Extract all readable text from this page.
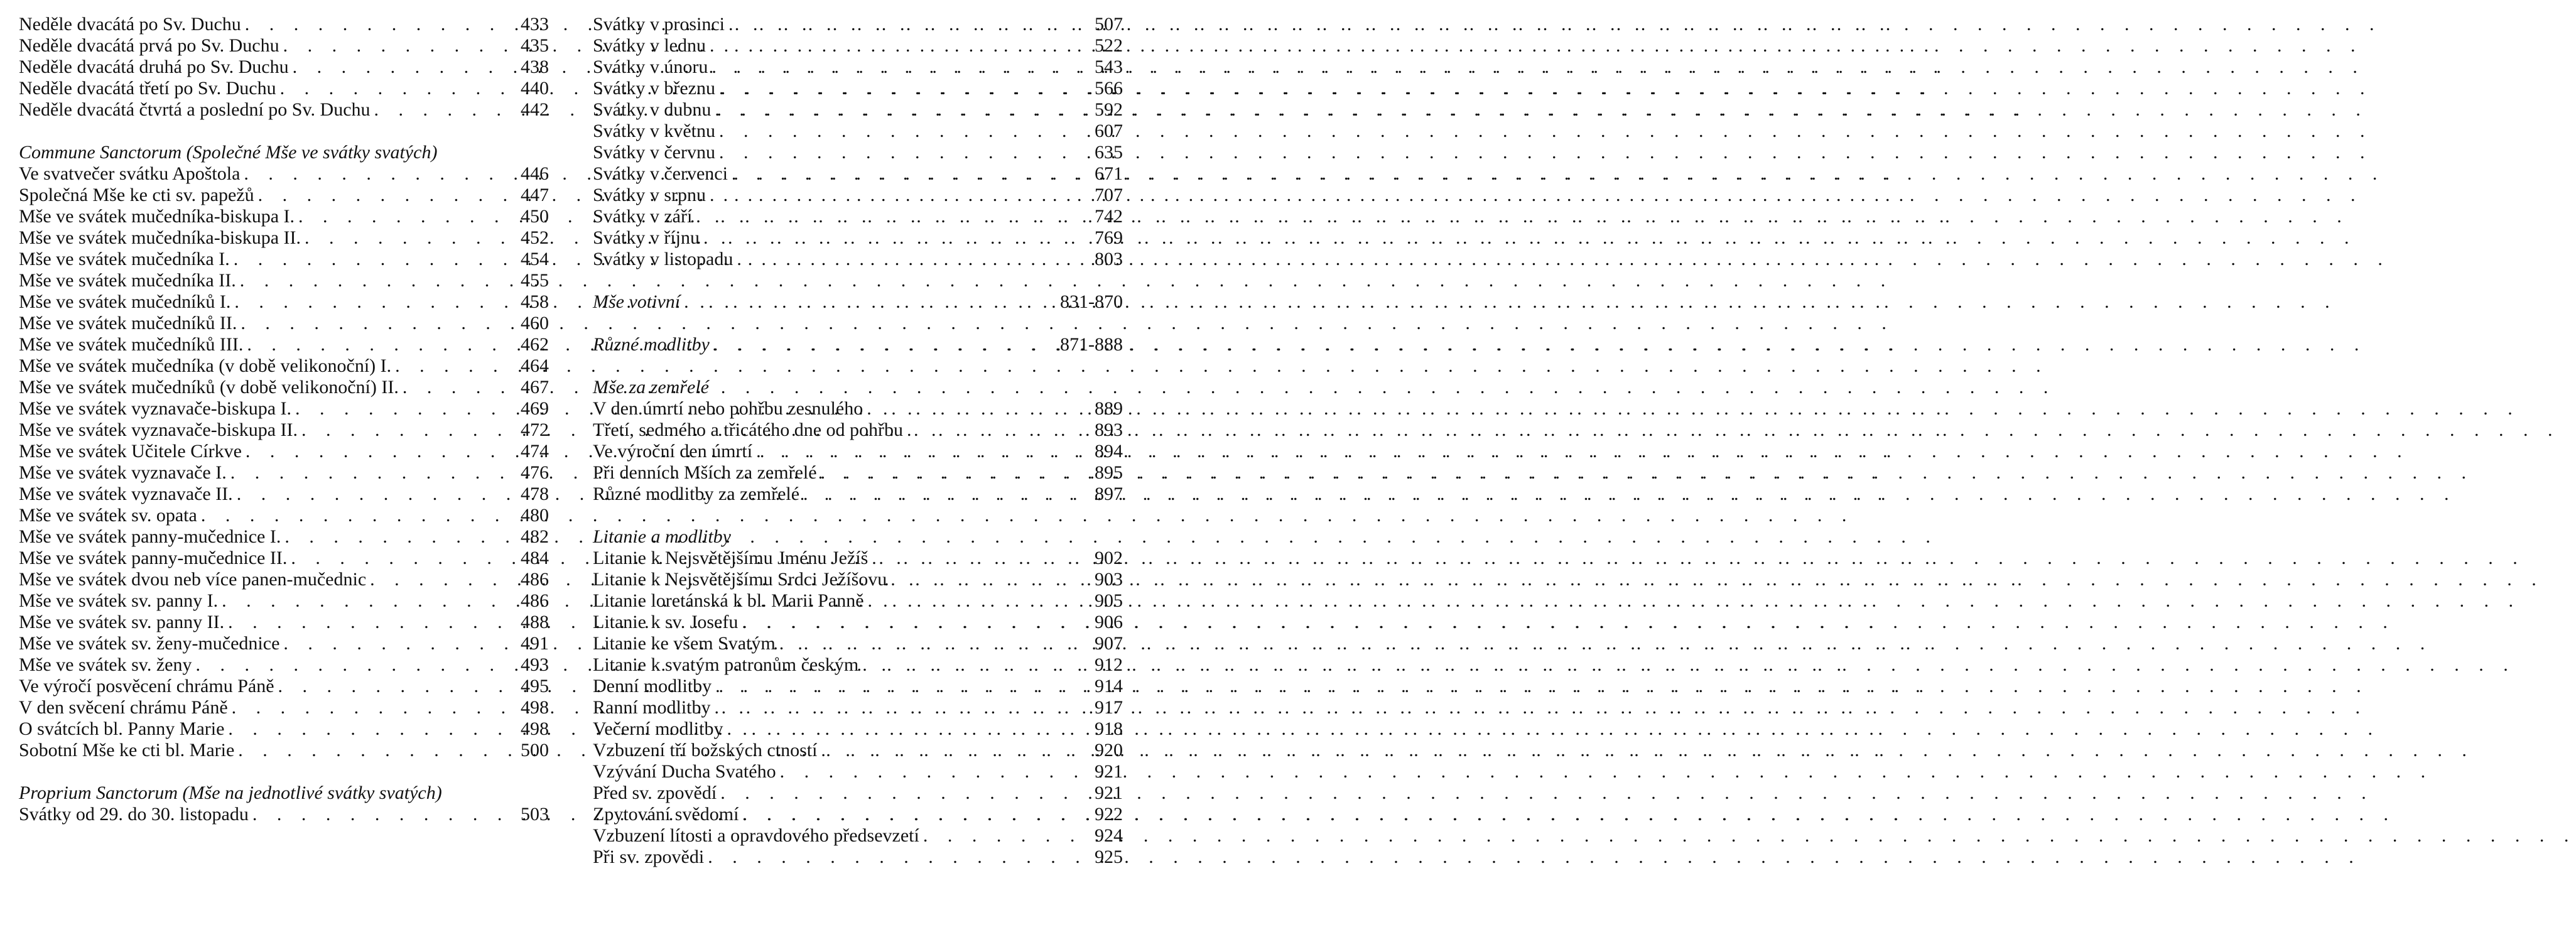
Neděle dvacátá po Sv. Duchu . . .	433
Neděle dvacátá prvá po Sv. Duchu . . .	435
Neděle dvacátá druhá po Sv. Duchu . . .	438
Neděle dvacátá třetí po Sv. Duchu . . .	440
Neděle dvacátá čtvrtá a poslední po Sv. Duchu . . .	442
Commune Sanctorum (Společné Mše ve svátky svatých)
Ve svatvečer svátku Apoštola . . .	446
Společná Mše ke cti sv. papežů . . .	447
Mše ve svátek mučedníka-biskupa I. . . .	450
Mše ve svátek mučedníka-biskupa II. . . .	452
Mše ve svátek mučedníka I. . . .	454
Mše ve svátek mučedníka II. . . .	455
Mše ve svátek mučedníků I. . . .	458
Mše ve svátek mučedníků II. . . .	460
Mše ve svátek mučedníků III. . . .	462
Mše ve svátek mučedníka (v době velikonoční) I. . . .	464
Mše ve svátek mučedníků (v době velikonoční) II. . . .	467
Mše ve svátek vyznavače-biskupa I. . . .	469
Mše ve svátek vyznavače-biskupa II. . . .	472
Mše ve svátek Učitele Církve . . .	474
Mše ve svátek vyznavače I. . . .	476
Mše ve svátek vyznavače II. . . .	478
Mše ve svátek sv. opata . . .	480
Mše ve svátek panny-mučednice I. . . .	482
Mše ve svátek panny-mučednice II. . . .	484
Mše ve svátek dvou neb více panen-mučednic . . .	486
Mše ve svátek sv. panny I. . . .	486
Mše ve svátek sv. panny II. . . .	488
Mše ve svátek sv. ženy-mučednice . . .	491
Mše ve svátek sv. ženy . . .	493
Ve výročí posvěcení chrámu Páně . . .	495
V den svěcení chrámu Páně . . .	498
O svátcích bl. Panny Marie . . .	498
Sobotní Mše ke cti bl. Marie . . .	500
Proprium Sanctorum (Mše na jednotlivé svátky svatých)
Svátky od 29. do 30. listopadu . . .	503
Svátky v prosinci . . .	507
Svátky v lednu . . .	522
Svátky v únoru . . .	543
Svátky v březnu . . .	566
Svátky v dubnu . . .	592
Svátky v květnu . . .	607
Svátky v červnu . . .	635
Svátky v červenci . . .	671
Svátky v srpnu . . .	707
Svátky v září . . .	742
Svátky v říjnu . . .	769
Svátky v listopadu . . .	803
Mše votivní . . .	831-870
Různé modlitby . . .	871-888
Mše za zemřelé
V den úmrtí nebo pohřbu zesnulého . . .	889
Třetí, sedmého a třicátého dne od pohřbu . . .	893
Ve výroční den úmrtí . . .	894
Při denních Mších za zemřelé . . .	895
Různé modlitby za zemřelé . . .	897
Litanie a modlitby
Litanie k Nejsvětějšímu Jménu Ježíš . . .	902
Litanie k Nejsvětějšímu Srdci Ježíšovu . . .	903
Litanie loretánská k bl. Marii Panně . . .	905
Litanie k sv. Josefu . . .	906
Litanie ke všem Svatým . . .	907
Litanie k svatým patronům českým . . .	912
Denní modlitby . . .	914
Ranní modlitby . . .	917
Večerní modlitby . . .	918
Vzbuzení tří božských ctností . . .	920
Vzývání Ducha Svatého . . .	921
Před sv. zpovědí . . .	921
Zpytování svědomí . . .	922
Vzbuzení lítosti a opravdového předsevzetí . . .	924
Při sv. zpovědi . . .	925
